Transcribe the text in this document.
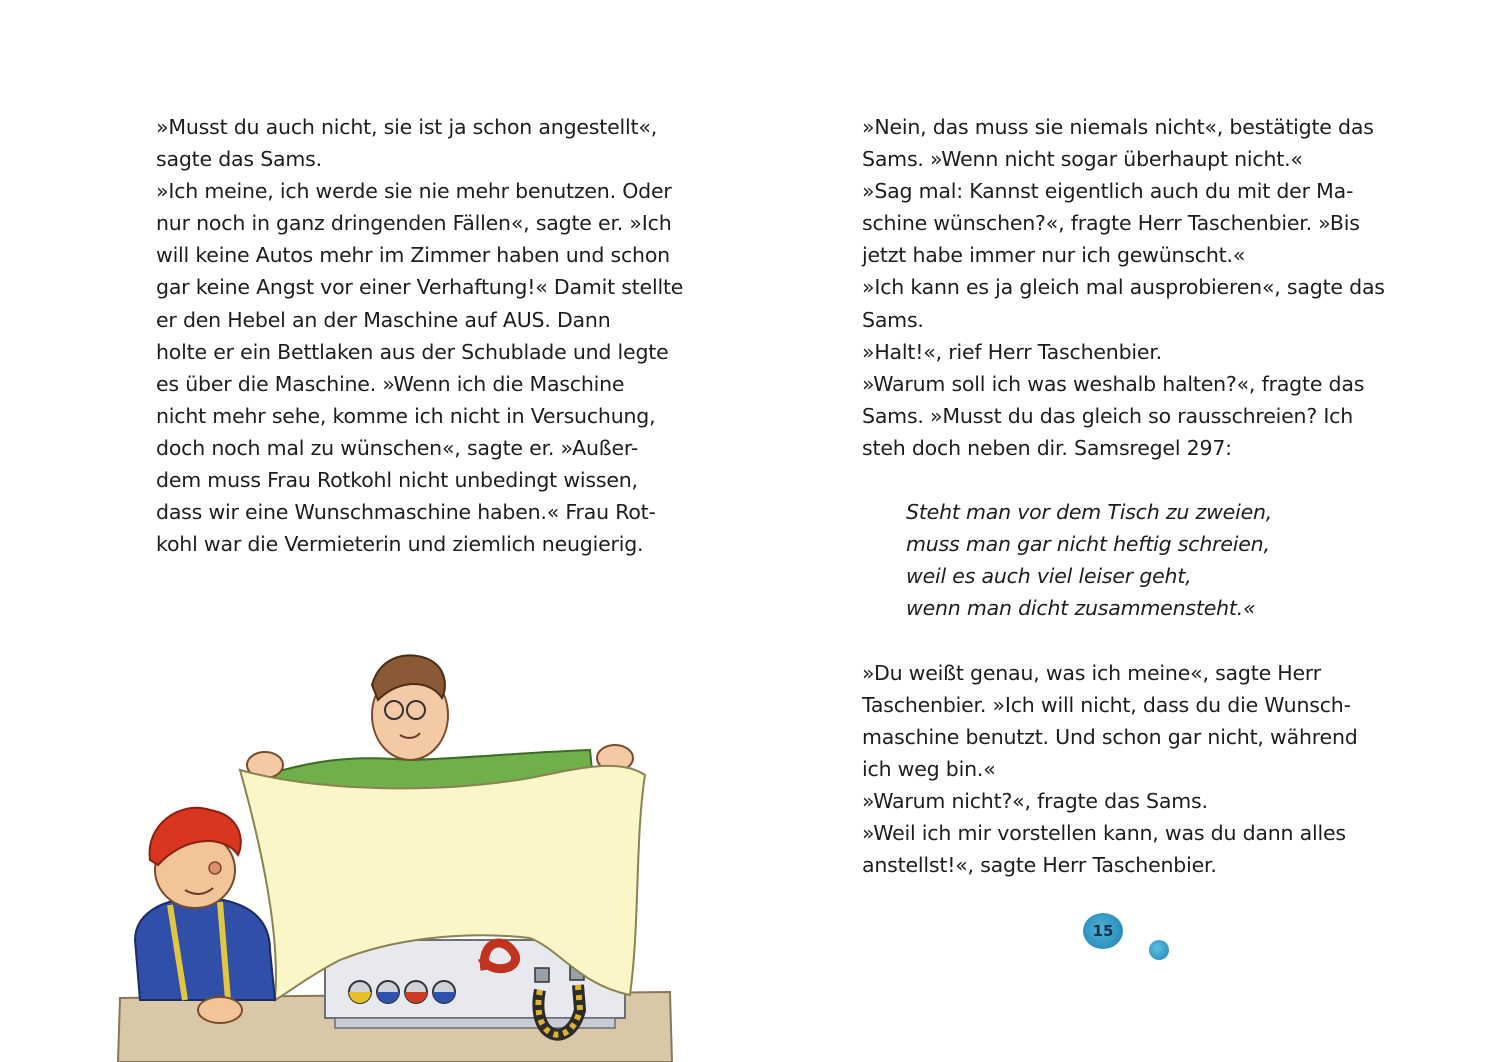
»Musst du auch nicht, sie ist ja schon angestellt«,
sagte das Sams.
»Ich meine, ich werde sie nie mehr benutzen. Oder
nur noch in ganz dringenden Fällen«, sagte er. »Ich
will keine Autos mehr im Zimmer haben und schon
gar keine Angst vor einer Verhaftung!« Damit stellte
er den Hebel an der Maschine auf AUS. Dann
holte er ein Bettlaken aus der Schublade und legte
es über die Maschine. »Wenn ich die Maschine
nicht mehr sehe, komme ich nicht in Versuchung,
doch noch mal zu wünschen«, sagte er. »Außer-
dem muss Frau Rotkohl nicht unbedingt wissen,
dass wir eine Wunschmaschine haben.« Frau Rot-
kohl war die Vermieterin und ziemlich neugierig.
»Nein, das muss sie niemals nicht«, bestätigte das
Sams. »Wenn nicht sogar überhaupt nicht.«
»Sag mal: Kannst eigentlich auch du mit der Ma-
schine wünschen?«, fragte Herr Taschenbier. »Bis
jetzt habe immer nur ich gewünscht.«
»Ich kann es ja gleich mal ausprobieren«, sagte das
Sams.
»Halt!«, rief Herr Taschenbier.
»Warum soll ich was weshalb halten?«, fragte das
Sams. »Musst du das gleich so rausschreien? Ich
steh doch neben dir. Samsregel 297:
Steht man vor dem Tisch zu zweien,
muss man gar nicht heftig schreien,
weil es auch viel leiser geht,
wenn man dicht zusammensteht.«
»Du weißt genau, was ich meine«, sagte Herr
Taschenbier. »Ich will nicht, dass du die Wunsch-
maschine benutzt. Und schon gar nicht, während
ich weg bin.«
»Warum nicht?«, fragte das Sams.
»Weil ich mir vorstellen kann, was du dann alles
anstellst!«, sagte Herr Taschenbier.
15
